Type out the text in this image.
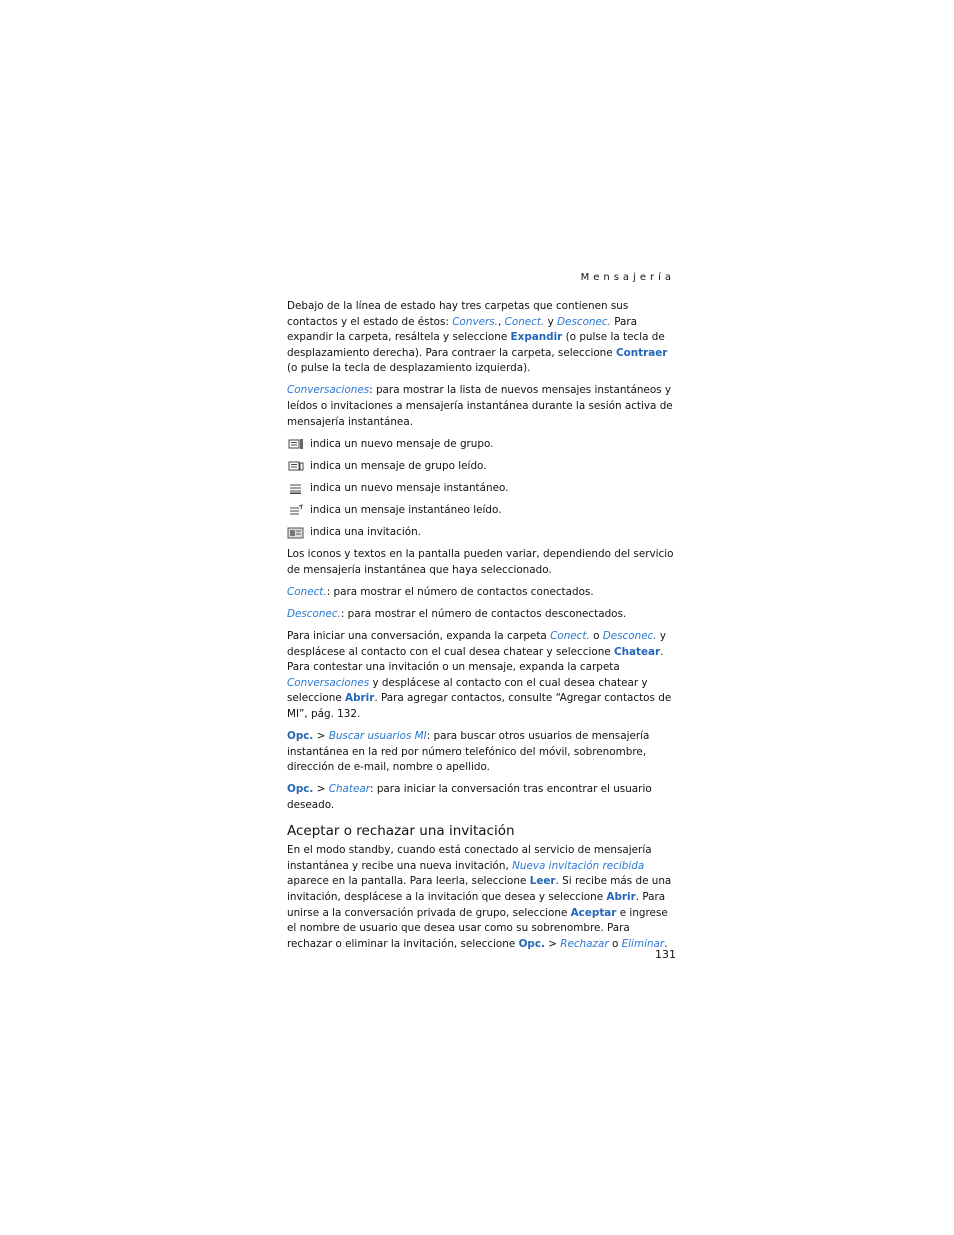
Mensajería

Debajo de la línea de estado hay tres carpetas que contienen sus contactos y el estado de éstos: Convers., Conect. y Desconec. Para expandir la carpeta, resáltela y seleccione Expandir (o pulse la tecla de desplazamiento derecha). Para contraer la carpeta, seleccione Contraer (o pulse la tecla de desplazamiento izquierda).

Conversaciones: para mostrar la lista de nuevos mensajes instantáneos y leídos o invitaciones a mensajería instantánea durante la sesión activa de mensajería instantánea.

indica un nuevo mensaje de grupo.
indica un mensaje de grupo leído.
indica un nuevo mensaje instantáneo.
indica un mensaje instantáneo leído.
indica una invitación.

Los iconos y textos en la pantalla pueden variar, dependiendo del servicio de mensajería instantánea que haya seleccionado.

Conect.: para mostrar el número de contactos conectados.

Desconec.: para mostrar el número de contactos desconectados.

Para iniciar una conversación, expanda la carpeta Conect. o Desconec. y desplácese al contacto con el cual desea chatear y seleccione Chatear. Para contestar una invitación o un mensaje, expanda la carpeta Conversaciones y desplácese al contacto con el cual desea chatear y seleccione Abrir. Para agregar contactos, consulte “Agregar contactos de MI”, pág. 132.

Opc. > Buscar usuarios MI: para buscar otros usuarios de mensajería instantánea en la red por número telefónico del móvil, sobrenombre, dirección de e-mail, nombre o apellido.

Opc. > Chatear: para iniciar la conversación tras encontrar el usuario deseado.

Aceptar o rechazar una invitación

En el modo standby, cuando está conectado al servicio de mensajería instantánea y recibe una nueva invitación, Nueva invitación recibida aparece en la pantalla. Para leerla, seleccione Leer. Si recibe más de una invitación, desplácese a la invitación que desea y seleccione Abrir. Para unirse a la conversación privada de grupo, seleccione Aceptar e ingrese el nombre de usuario que desea usar como su sobrenombre. Para rechazar o eliminar la invitación, seleccione Opc. > Rechazar o Eliminar.

131
